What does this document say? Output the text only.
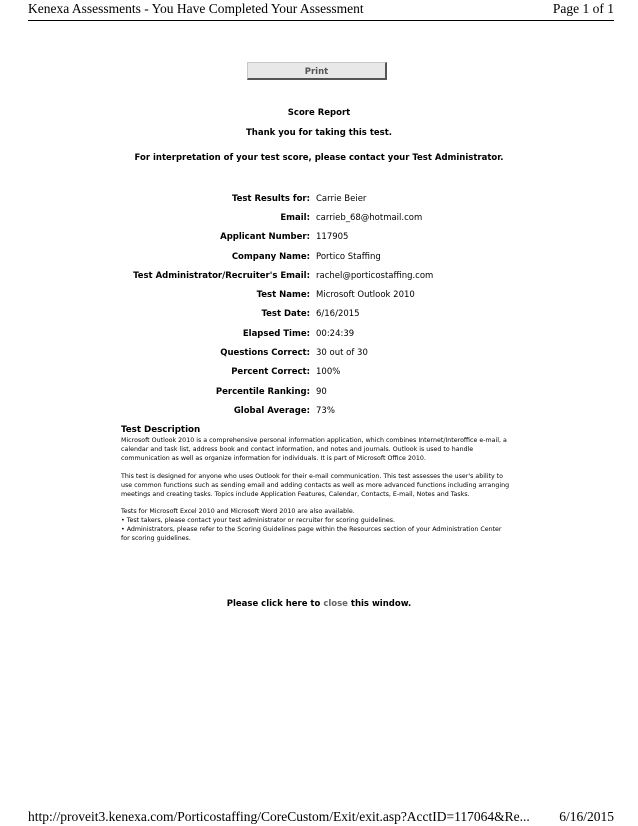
Kenexa Assessments - You Have Completed Your Assessment	Page 1 of 1
Print
Score Report
Thank you for taking this test.
For interpretation of your test score, please contact your Test Administrator.
Test Results for: Carrie Beier
Email: carrieb_68@hotmail.com
Applicant Number: 117905
Company Name: Portico Staffing
Test Administrator/Recruiter's Email: rachel@porticostaffing.com
Test Name: Microsoft Outlook 2010
Test Date: 6/16/2015
Elapsed Time: 00:24:39
Questions Correct: 30 out of 30
Percent Correct: 100%
Percentile Ranking: 90
Global Average: 73%
Test Description

Microsoft Outlook 2010 is a comprehensive personal information application, which combines Internet/Interoffice e-mail, a calendar and task list, address book and contact information, and notes and journals. Outlook is used to handle communication as well as organize information for individuals. It is part of Microsoft Office 2010.

This test is designed for anyone who uses Outlook for their e-mail communication. This test assesses the user's ability to use common functions such as sending email and adding contacts as well as more advanced functions including arranging meetings and creating tasks. Topics include Application Features, Calendar, Contacts, E-mail, Notes and Tasks.

Tests for Microsoft Excel 2010 and Microsoft Word 2010 are also available.

• Test takers, please contact your test administrator or recruiter for scoring guidelines.

• Administrators, please refer to the Scoring Guidelines page within the Resources section of your Administration Center for scoring guidelines.

Please click here to close this window.
http://proveit3.kenexa.com/Porticostaffing/CoreCustom/Exit/exit.asp?AcctID=117064&Re... 6/16/2015
